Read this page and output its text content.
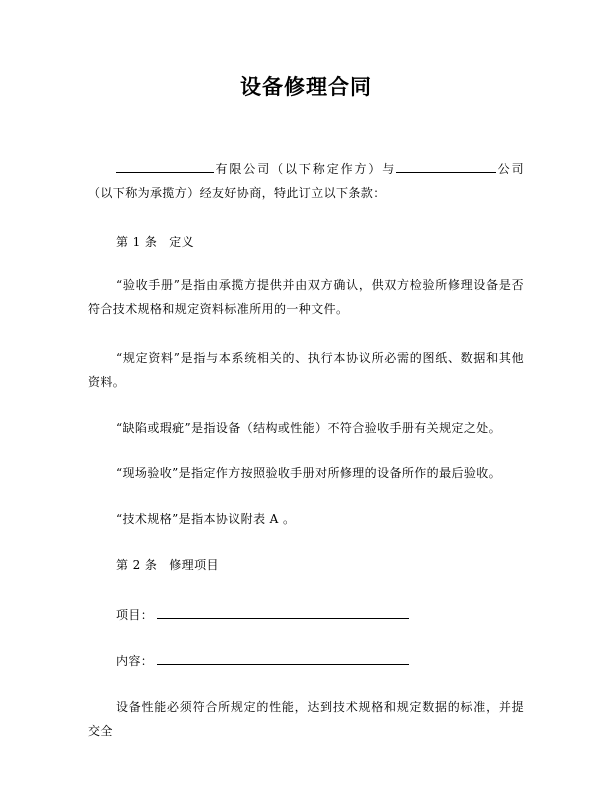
设备修理合同
有限公司（以下称定作方）与	公司（以下称为承揽方）经友好协商，特此订立以下条款：
第 1 条 定义
“验收手册”是指由承揽方提供并由双方确认，供双方检验所修理设备是否符合技术规格和规定资料标准所用的一种文件。
“规定资料”是指与本系统相关的、执行本协议所必需的图纸、数据和其他资料。
“缺陷或瑕疵”是指设备（结构或性能）不符合验收手册有关规定之处。
“现场验收”是指定作方按照验收手册对所修理的设备所作的最后验收。
“技术规格”是指本协议附表 A 。
第 2 条 修理项目
项目：
内容：
设备性能必须符合所规定的性能，达到技术规格和规定数据的标准，并提交全
